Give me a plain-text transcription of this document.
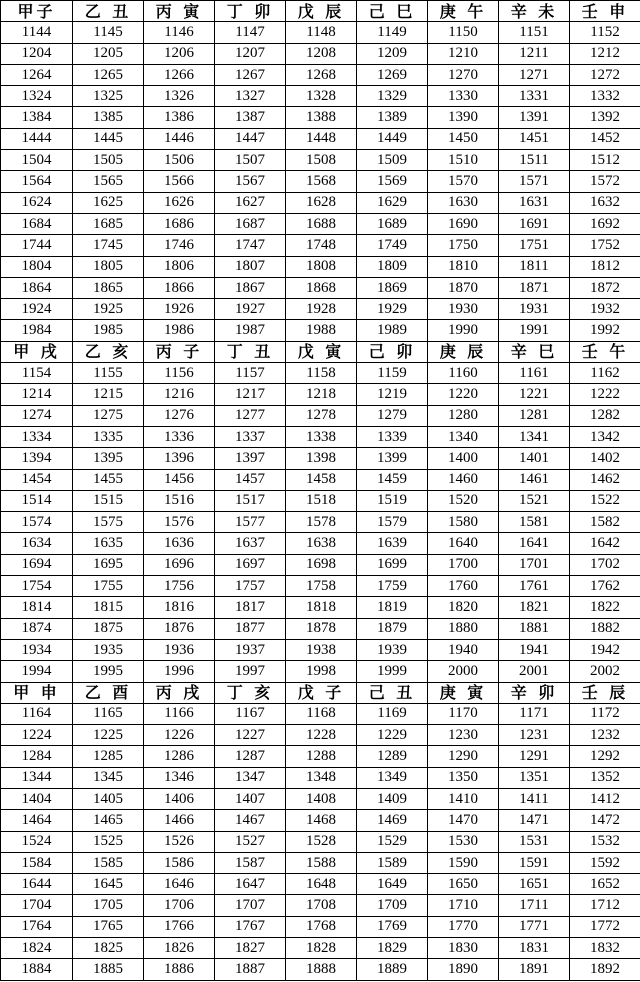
甲子	乙 丑	丙 寅	丁 卯	戊 辰	己 巳	庚 午	辛 未	壬 申
1144	1145	1146	1147	1148	1149	1150	1151	1152
1204	1205	1206	1207	1208	1209	1210	1211	1212
1264	1265	1266	1267	1268	1269	1270	1271	1272
1324	1325	1326	1327	1328	1329	1330	1331	1332
1384	1385	1386	1387	1388	1389	1390	1391	1392
1444	1445	1446	1447	1448	1449	1450	1451	1452
1504	1505	1506	1507	1508	1509	1510	1511	1512
1564	1565	1566	1567	1568	1569	1570	1571	1572
1624	1625	1626	1627	1628	1629	1630	1631	1632
1684	1685	1686	1687	1688	1689	1690	1691	1692
1744	1745	1746	1747	1748	1749	1750	1751	1752
1804	1805	1806	1807	1808	1809	1810	1811	1812
1864	1865	1866	1867	1868	1869	1870	1871	1872
1924	1925	1926	1927	1928	1929	1930	1931	1932
1984	1985	1986	1987	1988	1989	1990	1991	1992
甲 戌	乙 亥	丙 子	丁 丑	戊 寅	己 卯	庚 辰	辛 巳	壬 午
1154	1155	1156	1157	1158	1159	1160	1161	1162
1214	1215	1216	1217	1218	1219	1220	1221	1222
1274	1275	1276	1277	1278	1279	1280	1281	1282
1334	1335	1336	1337	1338	1339	1340	1341	1342
1394	1395	1396	1397	1398	1399	1400	1401	1402
1454	1455	1456	1457	1458	1459	1460	1461	1462
1514	1515	1516	1517	1518	1519	1520	1521	1522
1574	1575	1576	1577	1578	1579	1580	1581	1582
1634	1635	1636	1637	1638	1639	1640	1641	1642
1694	1695	1696	1697	1698	1699	1700	1701	1702
1754	1755	1756	1757	1758	1759	1760	1761	1762
1814	1815	1816	1817	1818	1819	1820	1821	1822
1874	1875	1876	1877	1878	1879	1880	1881	1882
1934	1935	1936	1937	1938	1939	1940	1941	1942
1994	1995	1996	1997	1998	1999	2000	2001	2002
甲 申	乙 酉	丙 戌	丁 亥	戊 子	己 丑	庚 寅	辛 卯	壬 辰
1164	1165	1166	1167	1168	1169	1170	1171	1172
1224	1225	1226	1227	1228	1229	1230	1231	1232
1284	1285	1286	1287	1288	1289	1290	1291	1292
1344	1345	1346	1347	1348	1349	1350	1351	1352
1404	1405	1406	1407	1408	1409	1410	1411	1412
1464	1465	1466	1467	1468	1469	1470	1471	1472
1524	1525	1526	1527	1528	1529	1530	1531	1532
1584	1585	1586	1587	1588	1589	1590	1591	1592
1644	1645	1646	1647	1648	1649	1650	1651	1652
1704	1705	1706	1707	1708	1709	1710	1711	1712
1764	1765	1766	1767	1768	1769	1770	1771	1772
1824	1825	1826	1827	1828	1829	1830	1831	1832
1884	1885	1886	1887	1888	1889	1890	1891	1892
